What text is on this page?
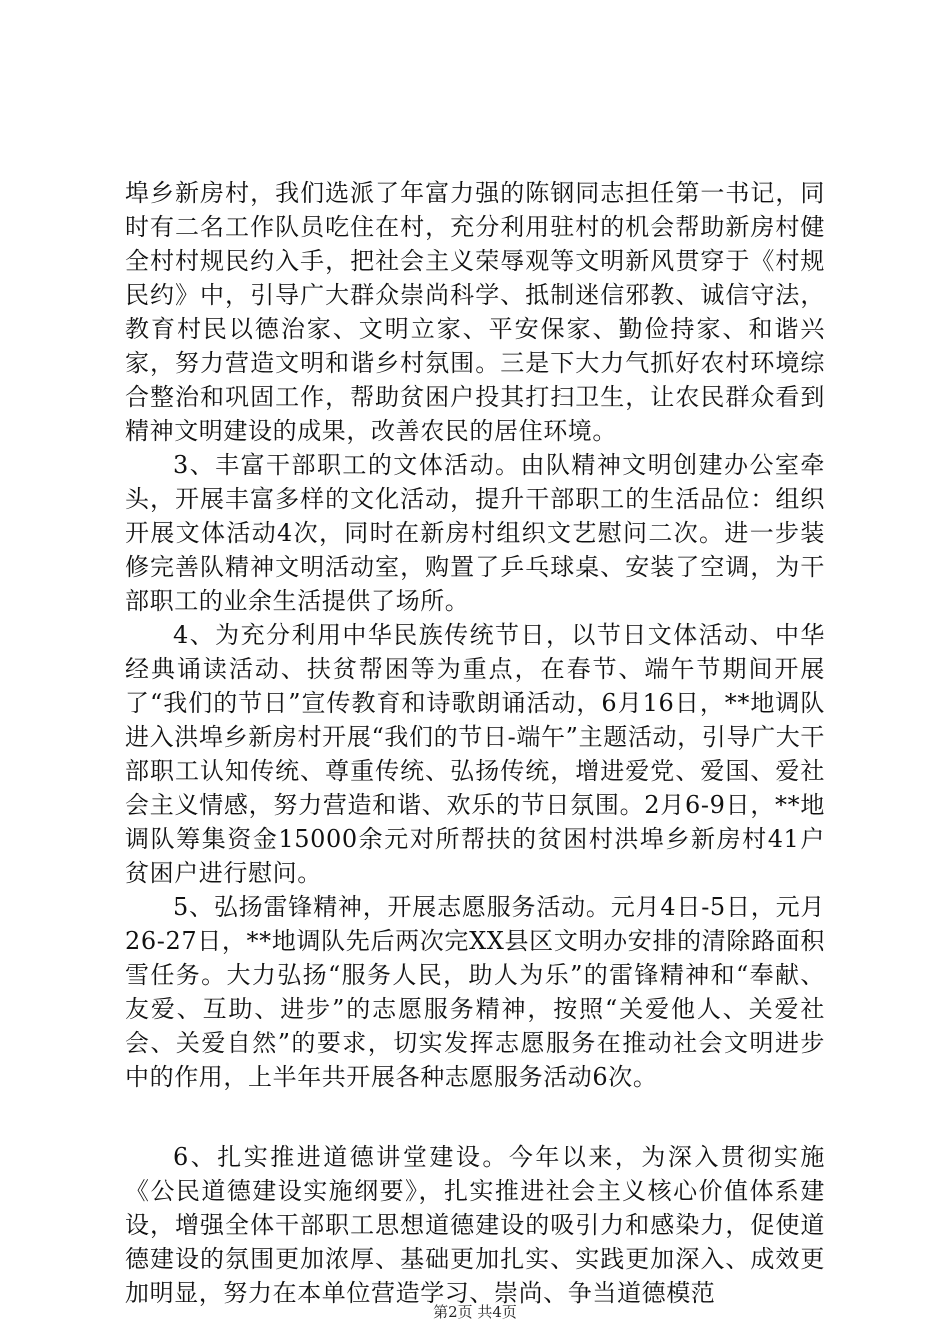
埠乡新房村，我们选派了年富力强的陈钢同志担任第一书记，同时有二名工作队员吃住在村，充分利用驻村的机会帮助新房村健全村村规民约入手，把社会主义荣辱观等文明新风贯穿于《村规民约》中，引导广大群众崇尚科学、抵制迷信邪教、诚信守法，教育村民以德治家、文明立家、平安保家、勤俭持家、和谐兴家，努力营造文明和谐乡村氛围。三是下大力气抓好农村环境综合整治和巩固工作，帮助贫困户投其打扫卫生，让农民群众看到精神文明建设的成果，改善农民的居住环境。

3、丰富干部职工的文体活动。由队精神文明创建办公室牵头，开展丰富多样的文化活动，提升干部职工的生活品位：组织开展文体活动4次，同时在新房村组织文艺慰问二次。进一步装修完善队精神文明活动室，购置了乒乓球桌、安装了空调，为干部职工的业余生活提供了场所。

4、为充分利用中华民族传统节日，以节日文体活动、中华经典诵读活动、扶贫帮困等为重点，在春节、端午节期间开展了“我们的节日”宣传教育和诗歌朗诵活动，6月16日，**地调队进入洪埠乡新房村开展“我们的节日-端午”主题活动，引导广大干部职工认知传统、尊重传统、弘扬传统，增进爱党、爱国、爱社会主义情感，努力营造和谐、欢乐的节日氛围。2月6-9日，**地调队筹集资金15000余元对所帮扶的贫困村洪埠乡新房村41户贫困户进行慰问。

5、弘扬雷锋精神，开展志愿服务活动。元月4日-5日，元月26-27日，**地调队先后两次完XX县区文明办安排的清除路面积雪任务。大力弘扬“服务人民，助人为乐”的雷锋精神和“奉献、友爱、互助、进步”的志愿服务精神，按照“关爱他人、关爱社会、关爱自然”的要求，切实发挥志愿服务在推动社会文明进步中的作用，上半年共开展各种志愿服务活动6次。

6、扎实推进道德讲堂建设。今年以来，为深入贯彻实施《公民道德建设实施纲要》，扎实推进社会主义核心价值体系建设，增强全体干部职工思想道德建设的吸引力和感染力，促使道德建设的氛围更加浓厚、基础更加扎实、实践更加深入、成效更加明显，努力在本单位营造学习、崇尚、争当道德模范

第2页 共4页
